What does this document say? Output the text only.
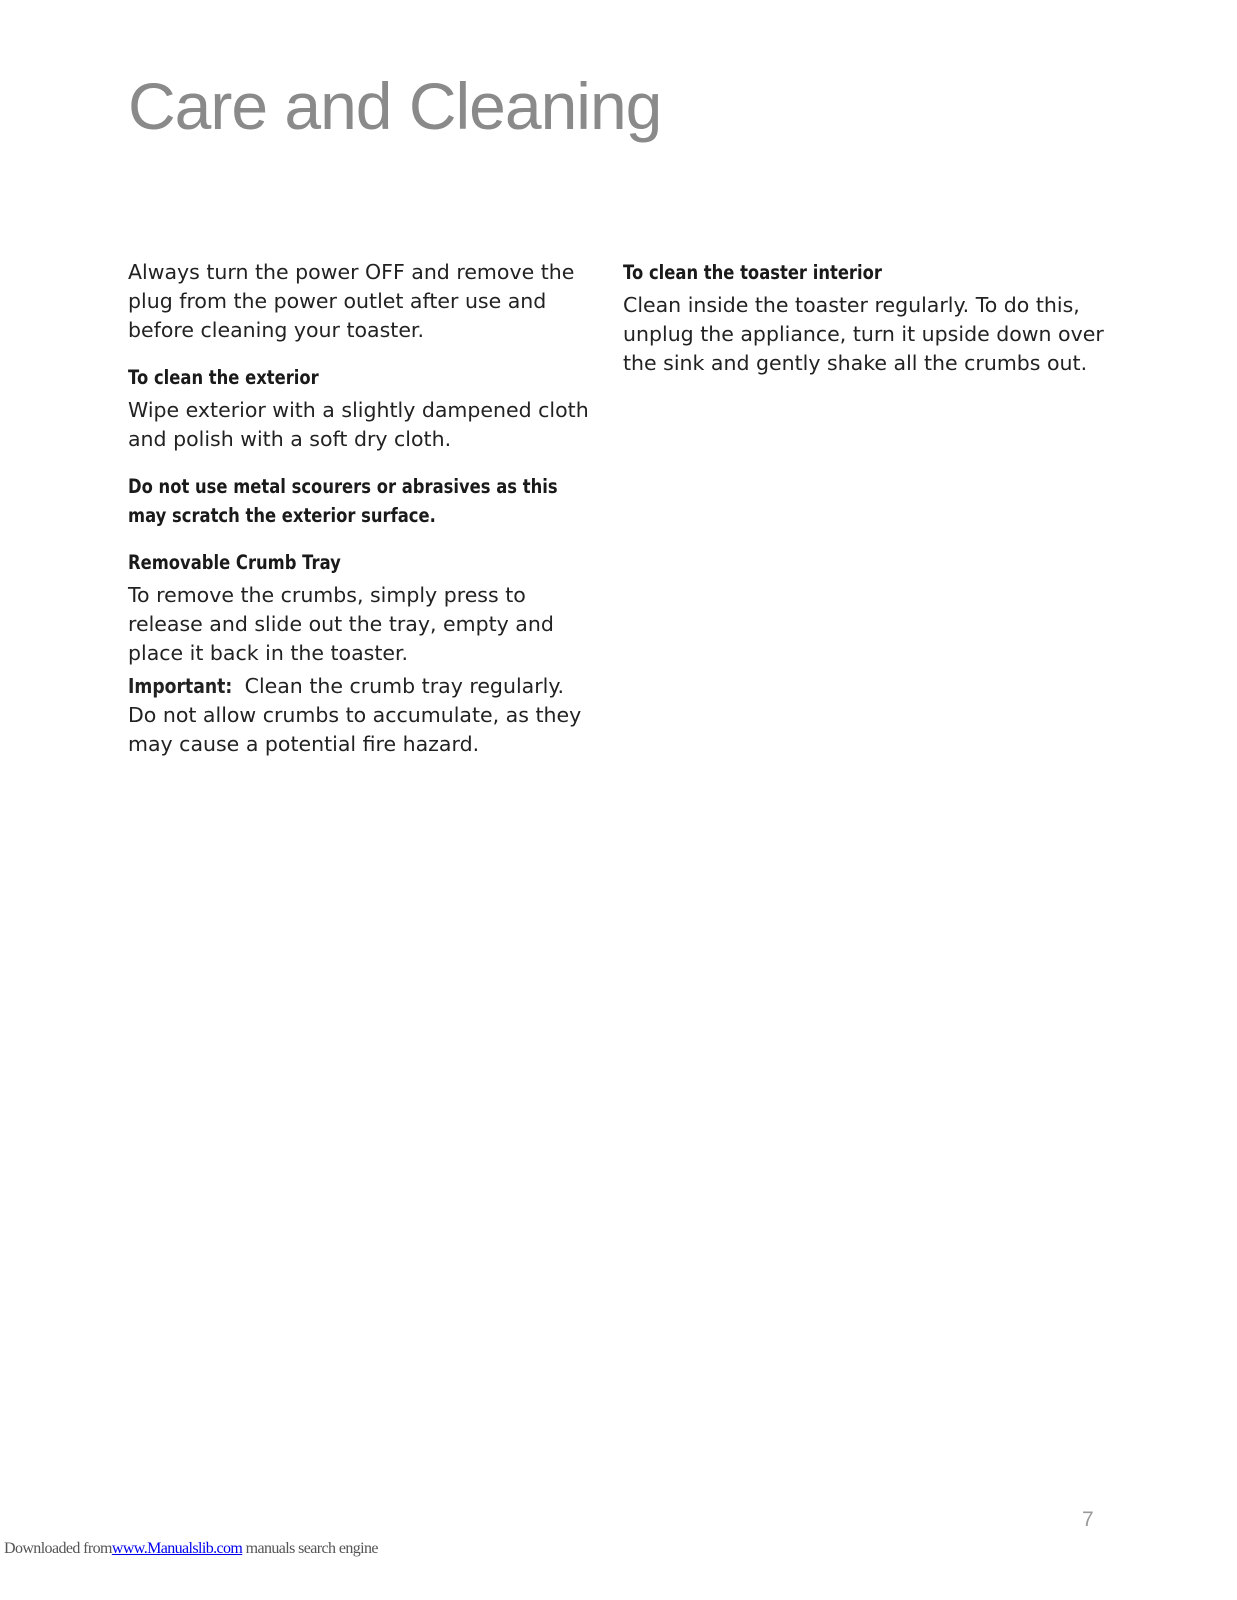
Care and Cleaning

Always turn the power OFF and remove the plug from the power outlet after use and before cleaning your toaster.

To clean the exterior

Wipe exterior with a slightly dampened cloth and polish with a soft dry cloth.

Do not use metal scourers or abrasives as this may scratch the exterior surface.

Removable Crumb Tray

To remove the crumbs, simply press to release and slide out the tray, empty and place it back in the toaster.

Important: Clean the crumb tray regularly. Do not allow crumbs to accumulate, as they may cause a potential fire hazard.

To clean the toaster interior

Clean inside the toaster regularly. To do this, unplug the appliance, turn it upside down over the sink and gently shake all the crumbs out.

7
Downloaded fromwww.Manualslib.com manuals search engine
